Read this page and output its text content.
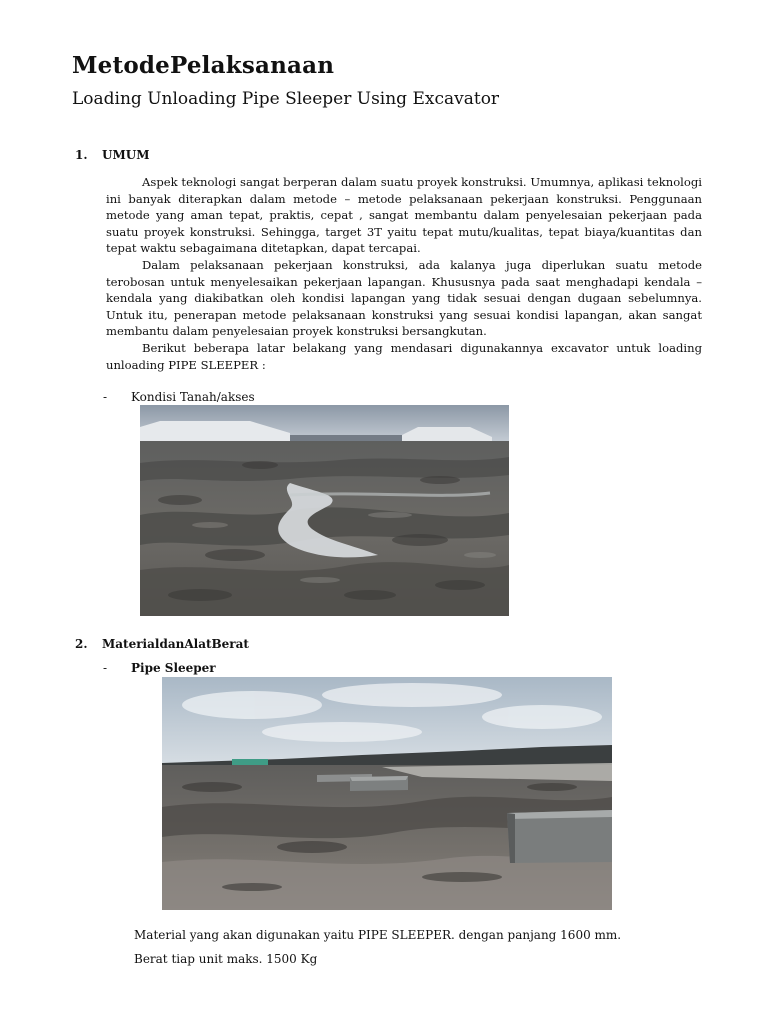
MetodePelaksanaan
Loading Unloading Pipe Sleeper Using Excavator
1. UMUM

Aspek teknologi sangat berperan dalam suatu proyek konstruksi. Umumnya, aplikasi teknologi ini banyak diterapkan dalam metode – metode pelaksanaan pekerjaan konstruksi. Penggunaan metode yang aman tepat, praktis, cepat , sangat membantu dalam penyelesaian pekerjaan pada suatu proyek konstruksi. Sehingga, target 3T yaitu tepat mutu/kualitas, tepat biaya/kuantitas dan tepat waktu sebagaimana ditetapkan, dapat tercapai.

Dalam pelaksanaan pekerjaan konstruksi, ada kalanya juga diperlukan suatu metode terobosan untuk menyelesaikan pekerjaan lapangan. Khususnya pada saat menghadapi kendala – kendala yang diakibatkan oleh kondisi lapangan yang tidak sesuai dengan dugaan sebelumnya. Untuk itu, penerapan metode pelaksanaan konstruksi yang sesuai kondisi lapangan, akan sangat membantu dalam penyelesaian proyek konstruksi bersangkutan.

Berikut beberapa latar belakang yang mendasari digunakannya excavator untuk loading unloading PIPE SLEEPER :

- Kondisi Tanah/akses
2. MaterialdanAlatBerat
- Pipe Sleeper
Material yang akan digunakan yaitu PIPE SLEEPER. dengan panjang 1600 mm.
Berat tiap unit maks. 1500 Kg
